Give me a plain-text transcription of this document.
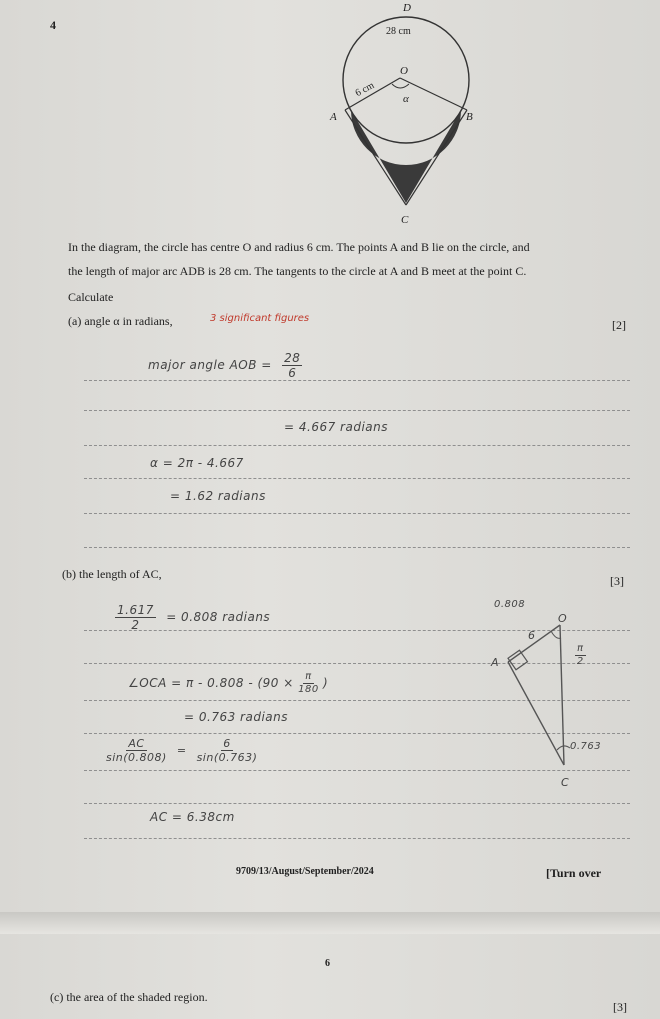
4
D
28 cm
O
6 cm
α
A	B
C
In the diagram, the circle has centre O and radius 6 cm. The points A and B lie on the circle, and
the length of major arc ADB is 28 cm. The tangents to the circle at A and B meet at the point C.
Calculate
(a) angle α in radians,	3 significant figures	[2]
major angle AOB = $\frac{28}{6}$
= 4.667 radians
α = 2π - 4.667
= 1.62 radians
(b) the length of AC,	[3]
$\frac{1.617}{2} = 0.808$ radians
∠OCA = $\pi - 0.808 - (90 \times \frac{\pi}{180}$ )
= 0.763 radians
$\frac{AC}{\sin(0.808)} = \frac{6}{\sin(0.763)}$
AC = 6.38cm
0.808
O
6
A	$\frac{\pi}{2}$
0.763
C
9709/13/August/September/2024	[Turn over
6
(c) the area of the shaded region.
[3]
